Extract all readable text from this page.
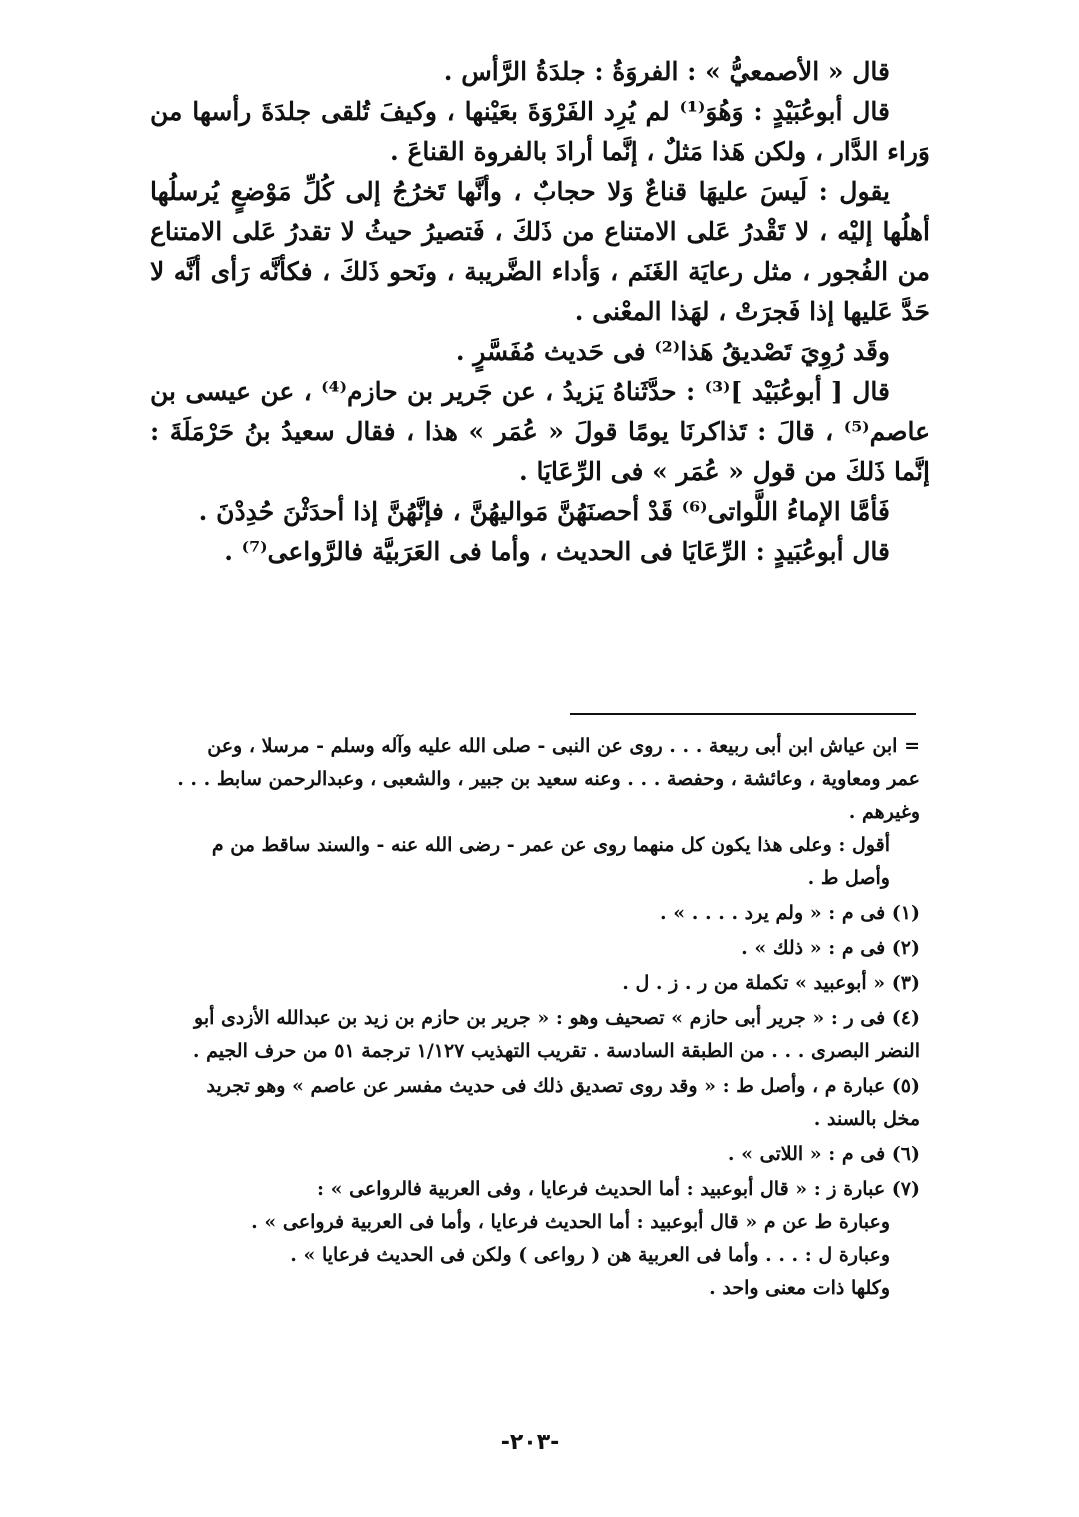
قال « الأصمعيُّ » : الفروَةُ : جلدَةُ الرَّأس .

قال أبوعُبَيْدٍ : وَهُوَ⁽¹⁾ لم يُرِد الفَرْوَةَ بعَيْنها ، وكيفَ تُلقى جلدَةَ رأسها من وَراء الدَّار ، ولكن هَذا مَثلٌ ، إنَّما أرادَ بالفروة القناعَ .

يقول : لَيسَ عليهَا قناعٌ وَلا حجابٌ ، وأنَّها تَخرُجُ إلى كُلِّ مَوْضعٍ يُرسلُها أهلُها إليْه ، لا تَقْدرُ عَلى الامتناع من ذَلكَ ، فَتصيرُ حيثُ لا تقدرُ عَلى الامتناع من الفُجور ، مثل رعايَة الغَنَم ، وَأداء الضَّريبة ، ونَحو ذَلكَ ، فكأنَّه رَأى أنَّه لا حَدَّ عَليها إذا فَجرَتْ ، لهَذا المعْنى .

وقَد رُوِيَ تَصْديقُ هَذا⁽²⁾ فى حَديث مُفَسَّرٍ .

قال [ أبوعُبَيْد ]⁽³⁾ : حدَّثَناهُ يَزيدُ ، عن جَرير بن حازم⁽⁴⁾ ، عن عيسى بن عاصم⁽⁵⁾ ، قالَ : تَذاكرنَا يومًا قولَ « عُمَر » هذا ، فقال سعيدُ بنُ حَرْمَلَةَ : إنَّما ذَلكَ من قول « عُمَر » فى الرِّعَايَا .

فَأمَّا الإماءُ اللَّواتى⁽⁶⁾ قَدْ أحصنَهُنَّ مَواليهُنَّ ، فإنَّهُنَّ إذا أحدَثْنَ حُدِدْنَ .

قال أبوعُبَيدٍ : الرِّعَايَا فى الحديث ، وأما فى العَرَبيَّة فالرَّواعى⁽⁷⁾ .

= ابن عياش ابن أبى ربيعة . . . روى عن النبى - صلى الله عليه وآله وسلم - مرسلا ، وعن عمر ومعاوية ، وعائشة ، وحفصة . . . وعنه سعيد بن جبير ، والشعبى ، وعبدالرحمن سابط . . . وغيرهم .

أقول : وعلى هذا يكون كل منهما روى عن عمر - رضى الله عنه - والسند ساقط من م وأصل ط .

(١) فى م : « ولم يرد . . . . » .

(٢) فى م : « ذلك » .

(٣) « أبوعبيد » تكملة من ر . ز . ل .

(٤) فى ر : « جرير أبى حازم » تصحيف وهو : « جرير بن حازم بن زيد بن عبدالله الأزدى أبو النضر البصرى . . . من الطبقة السادسة . تقريب التهذيب ١/١٢٧ ترجمة ٥١ من حرف الجيم .

(٥) عبارة م ، وأصل ط : « وقد روى تصديق ذلك فى حديث مفسر عن عاصم » وهو تجريد مخل بالسند .

(٦) فى م : « اللاتى » .

(٧) عبارة ز : « قال أبوعبيد : أما الحديث فرعايا ، وفى العربية فالرواعى » :

وعبارة ط عن م « قال أبوعبيد : أما الحديث فرعايا ، وأما فى العربية فرواعى » .

وعبارة ل : . . . وأما فى العربية هن ( رواعى ) ولكن فى الحديث فرعايا » .

وكلها ذات معنى واحد .

-٢٠٣-
